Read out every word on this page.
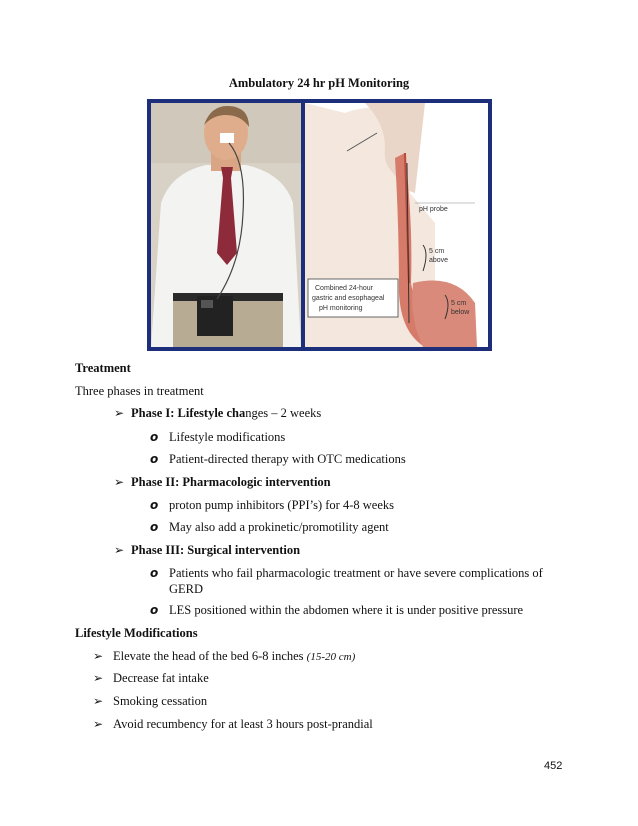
Ambulatory 24 hr pH Monitoring
pH probe
5 cm
above
5 cm
below
Combined 24-hour
gastric and esophageal
pH monitoring
Treatment
Three phases in treatment
➢ Phase I: Lifestyle changes – 2 weeks
o Lifestyle modifications
o Patient-directed therapy with OTC medications
➢ Phase II: Pharmacologic intervention
o proton pump inhibitors (PPI’s) for 4-8 weeks
o May also add a prokinetic/promotility agent
➢ Phase III: Surgical intervention
o Patients who fail pharmacologic treatment or have severe complications of
GERD
o LES positioned within the abdomen where it is under positive pressure
Lifestyle Modifications
➢ Elevate the head of the bed 6-8 inches (15-20 cm)
➢ Decrease fat intake
➢ Smoking cessation
➢ Avoid recumbency for at least 3 hours post-prandial
452
